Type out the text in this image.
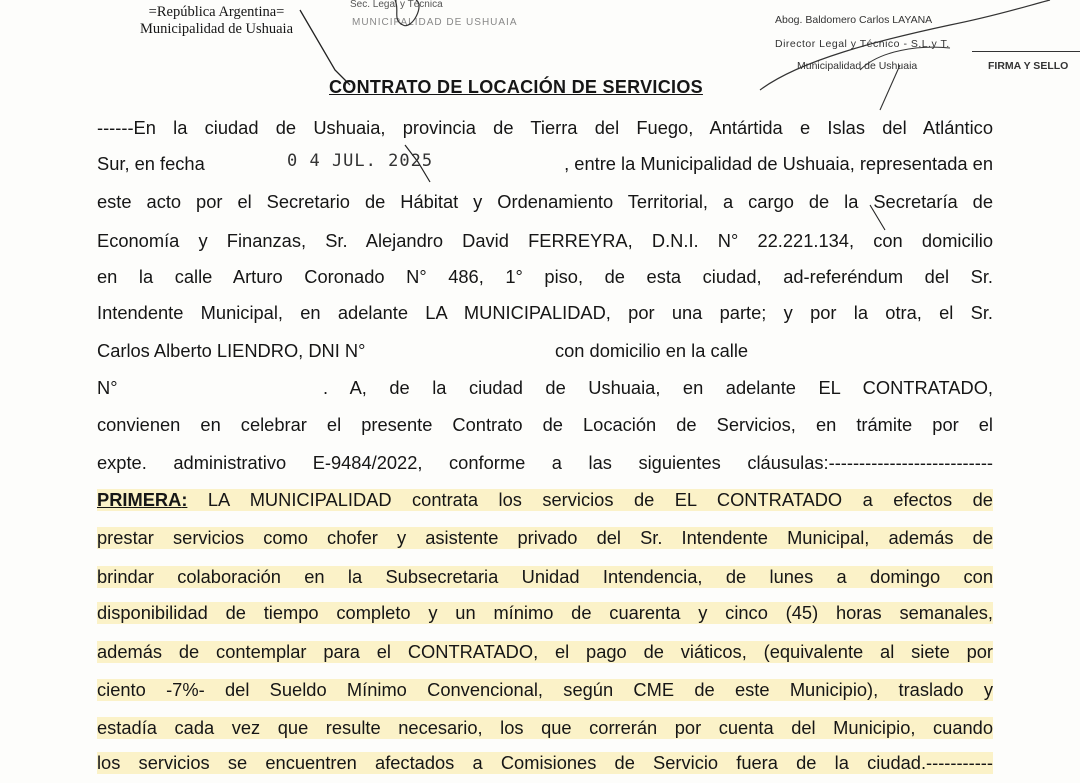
=República Argentina=
Municipalidad de Ushuaia
Sec. Legal y Técnica
MUNICIPALIDAD DE USHUAIA	Abog. Baldomero Carlos LAYANA
Director Legal y Técnico - S.L.y T.
Municipalidad de Ushuaia	FIRMA Y SELLO
CONTRATO DE LOCACIÓN DE SERVICIOS
------En la ciudad de Ushuaia, provincia de Tierra del Fuego, Antártida e Islas del Atlántico
Sur, en fecha	0 4 JUL. 2025	, entre la Municipalidad de Ushuaia, representada en
este acto por el Secretario de Hábitat y Ordenamiento Territorial, a cargo de la Secretaría de
Economía y Finanzas, Sr. Alejandro David FERREYRA, D.N.I. N° 22.221.134, con domicilio
en la calle Arturo Coronado N° 486, 1° piso, de esta ciudad, ad-referéndum del Sr.
Intendente Municipal, en adelante LA MUNICIPALIDAD, por una parte; y por la otra, el Sr.
Carlos Alberto LIENDRO, DNI N°	con domicilio en la calle
N°	. A, de la ciudad de Ushuaia, en adelante EL CONTRATADO,
convienen en celebrar el presente Contrato de Locación de Servicios, en trámite por el
expte. administrativo E-9484/2022, conforme a las siguientes cláusulas:---------------------------
PRIMERA: LA MUNICIPALIDAD contrata los servicios de EL CONTRATADO a efectos de
prestar servicios como chofer y asistente privado del Sr. Intendente Municipal, además de
brindar colaboración en la Subsecretaria Unidad Intendencia, de lunes a domingo con
disponibilidad de tiempo completo y un mínimo de cuarenta y cinco (45) horas semanales,
además de contemplar para el CONTRATADO, el pago de viáticos, (equivalente al siete por
ciento -7%- del Sueldo Mínimo Convencional, según CME de este Municipio), traslado y
estadía cada vez que resulte necesario, los que correrán por cuenta del Municipio, cuando
los servicios se encuentren afectados a Comisiones de Servicio fuera de la ciudad.-----------
